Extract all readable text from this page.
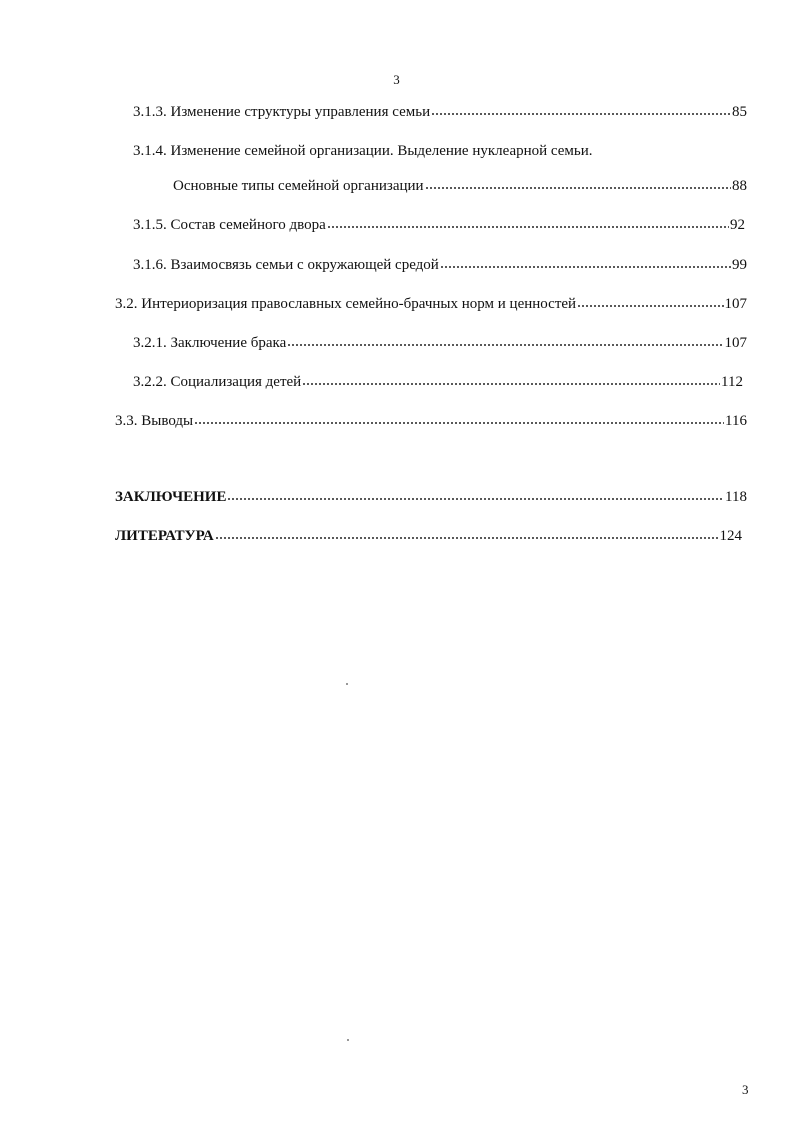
3
3.1.3. Изменение структуры управления семьи	85
3.1.4. Изменение семейной организации. Выделение нуклеарной семьи.
Основные типы семейной организации	88
3.1.5. Состав семейного двора	92
3.1.6. Взаимосвязь семьи с окружающей средой	99
3.2. Интериоризация православных семейно-брачных норм и ценностей	107
3.2.1. Заключение брака	107
3.2.2. Социализация детей	112
3.3. Выводы	116
ЗАКЛЮЧЕНИЕ	118
ЛИТЕРАТУРА	124
3
